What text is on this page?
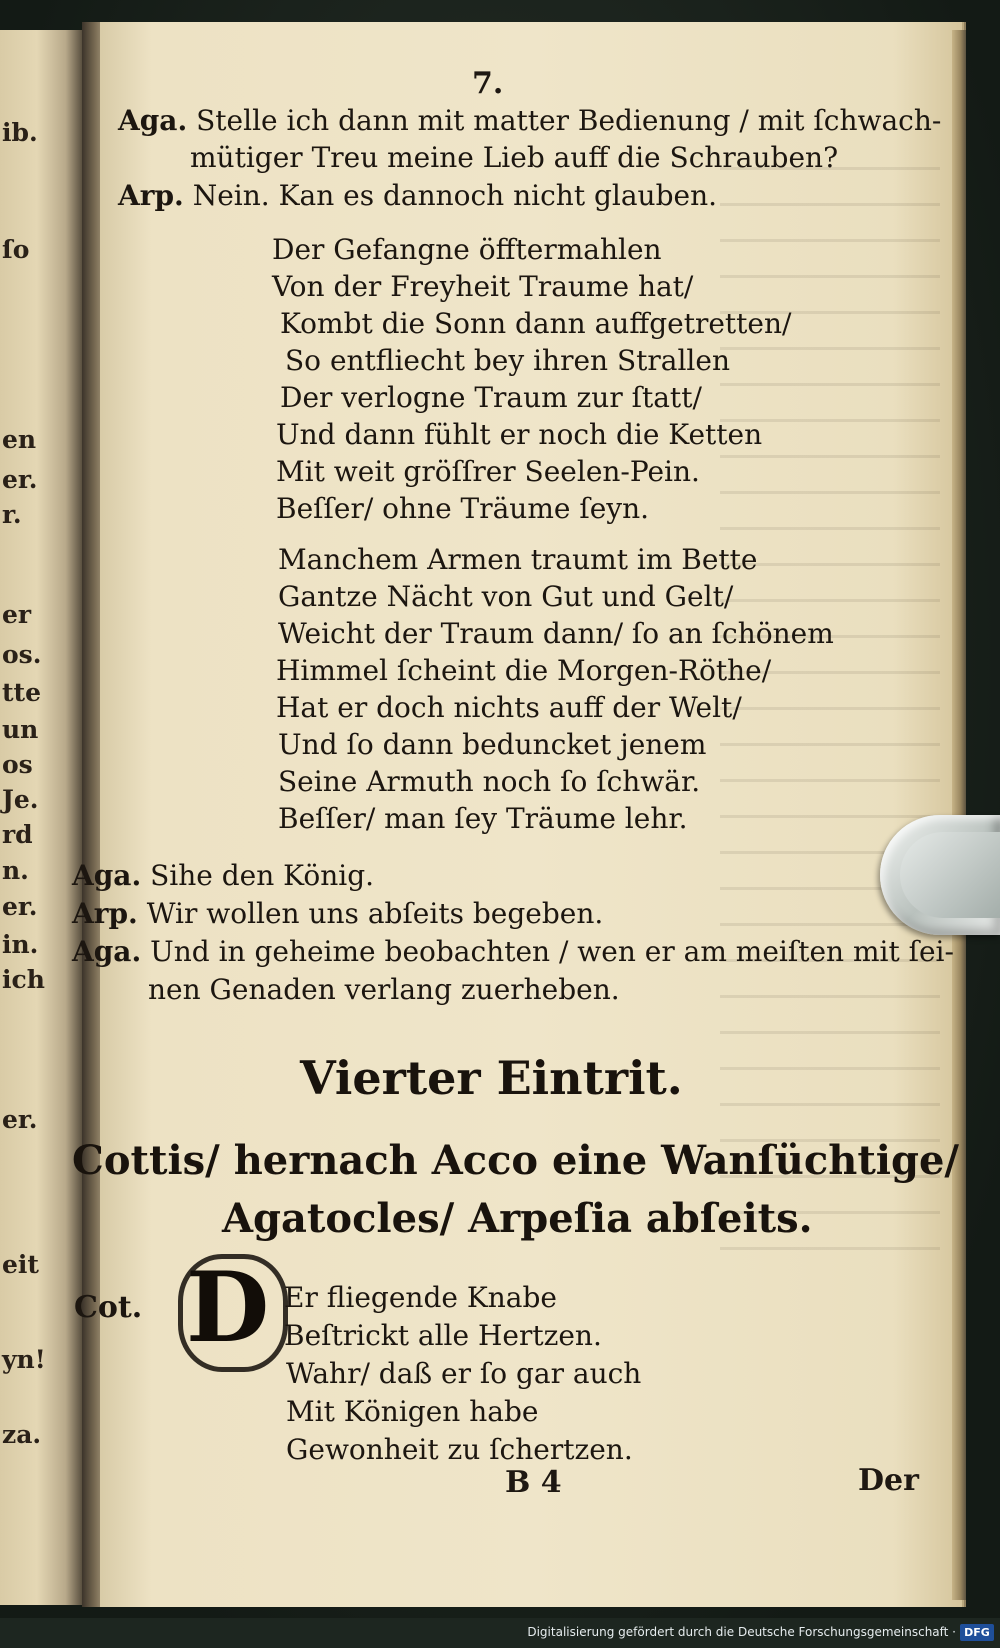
ib.
ſo
en
er.
r.
er
os.
tte
un
os
Je.
rd
n.
er.
in.
ich
er.
eit
yn!
za.
7.
Aga. Stelle ich dann mit matter Bedienung / mit ſchwach-
mütiger Treu meine Lieb auff die Schrauben?
Arp. Nein. Kan es dannoch nicht glauben.
Der Gefangne öfftermahlen
Von der Freyheit Traume hat/
Kombt die Sonn dann auffgetretten/
So entfliecht bey ihren Strallen
Der verlogne Traum zur ſtatt/
Und dann fühlt er noch die Ketten
Mit weit gröſſrer Seelen-Pein.
Beſſer/ ohne Träume ſeyn.
Manchem Armen traumt im Bette
Gantze Nächt von Gut und Gelt/
Weicht der Traum dann/ ſo an ſchönem
Himmel ſcheint die Morgen-Röthe/
Hat er doch nichts auff der Welt/
Und ſo dann beduncket jenem
Seine Armuth noch ſo ſchwär.
Beſſer/ man ſey Träume lehr.
Aga. Sihe den König.
Arp. Wir wollen uns abſeits begeben.
Aga. Und in geheime beobachten / wen er am meiſten mit ſei-
nen Genaden verlang zuerheben.
Vierter Eintrit.
Cottis/ hernach Acco eine Wanſüchtige/
Agatocles/ Arpeſia abſeits.
Cot. D Er fliegende Knabe
Beſtrickt alle Hertzen.
Wahr/ daß er ſo gar auch
Mit Königen habe
Gewonheit zu ſchertzen.
B 4	Der
Digitalisierung gefördert durch die Deutsche Forschungsgemeinschaft · DFG
